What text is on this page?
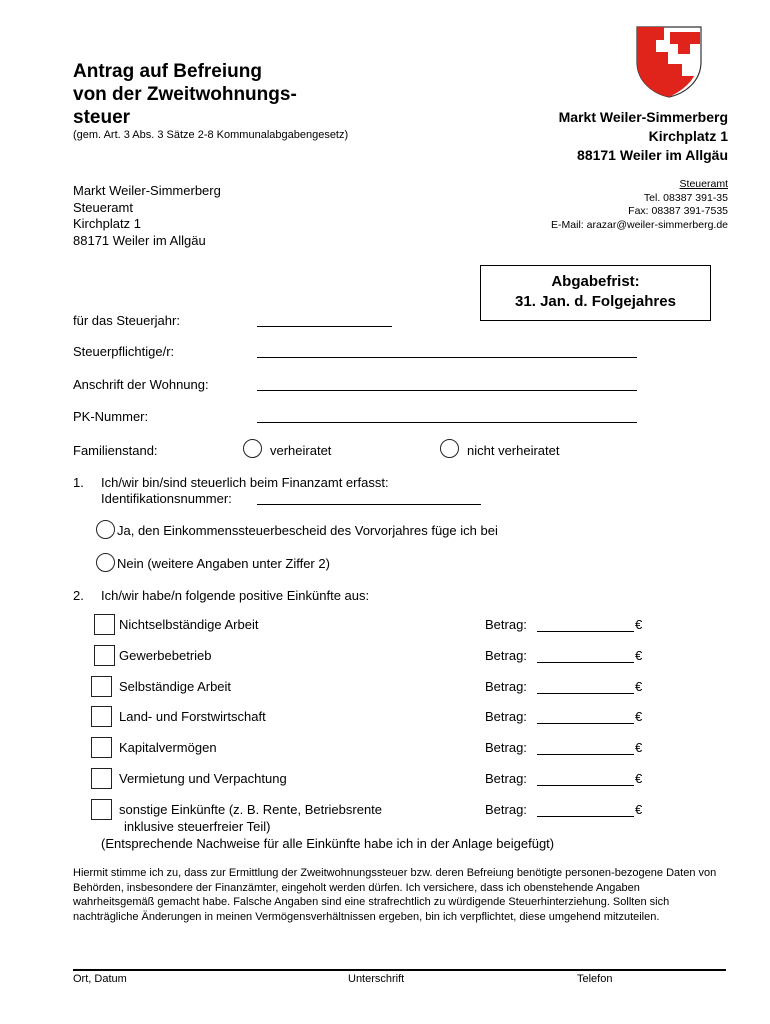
Antrag auf Befreiung
von der Zweitwohnungs-
steuer
(gem. Art. 3 Abs. 3 Sätze 2-8 Kommunalabgabengesetz)
Markt Weiler-Simmerberg
Kirchplatz 1
88171 Weiler im Allgäu
Steueramt
Tel. 08387 391-35
Fax: 08387 391-7535
E-Mail: arazar@weiler-simmerberg.de
Markt Weiler-Simmerberg
Steueramt
Kirchplatz 1
88171 Weiler im Allgäu
Abgabefrist:
31. Jan. d. Folgejahres
für das Steuerjahr:
Steuerpflichtige/r:
Anschrift der Wohnung:
PK-Nummer:
Familienstand:	verheiratet	nicht verheiratet
1. Ich/wir bin/sind steuerlich beim Finanzamt erfasst:
Identifikationsnummer:
Ja, den Einkommenssteuerbescheid des Vorvorjahres füge ich bei
Nein (weitere Angaben unter Ziffer 2)
2. Ich/wir habe/n folgende positive Einkünfte aus:
Nichtselbständige Arbeit	Betrag:	€
Gewerbebetrieb	Betrag:	€
Selbständige Arbeit	Betrag:	€
Land- und Forstwirtschaft	Betrag:	€
Kapitalvermögen	Betrag:	€
Vermietung und Verpachtung	Betrag:	€
sonstige Einkünfte (z. B. Rente, Betriebsrente	Betrag:	€
inklusive steuerfreier Teil)
(Entsprechende Nachweise für alle Einkünfte habe ich in der Anlage beigefügt)
Hiermit stimme ich zu, dass zur Ermittlung der Zweitwohnungssteuer bzw. deren Befreiung benötigte personen-bezogene Daten von Behörden, insbesondere der Finanzämter, eingeholt werden dürfen. Ich versichere, dass ich obenstehende Angaben wahrheitsgemäß gemacht habe. Falsche Angaben sind eine strafrechtlich zu würdigende Steuerhinterziehung. Sollten sich nachträgliche Änderungen in meinen Vermögensverhältnissen ergeben, bin ich verpflichtet, diese umgehend mitzuteilen.
Ort, Datum	Unterschrift	Telefon
